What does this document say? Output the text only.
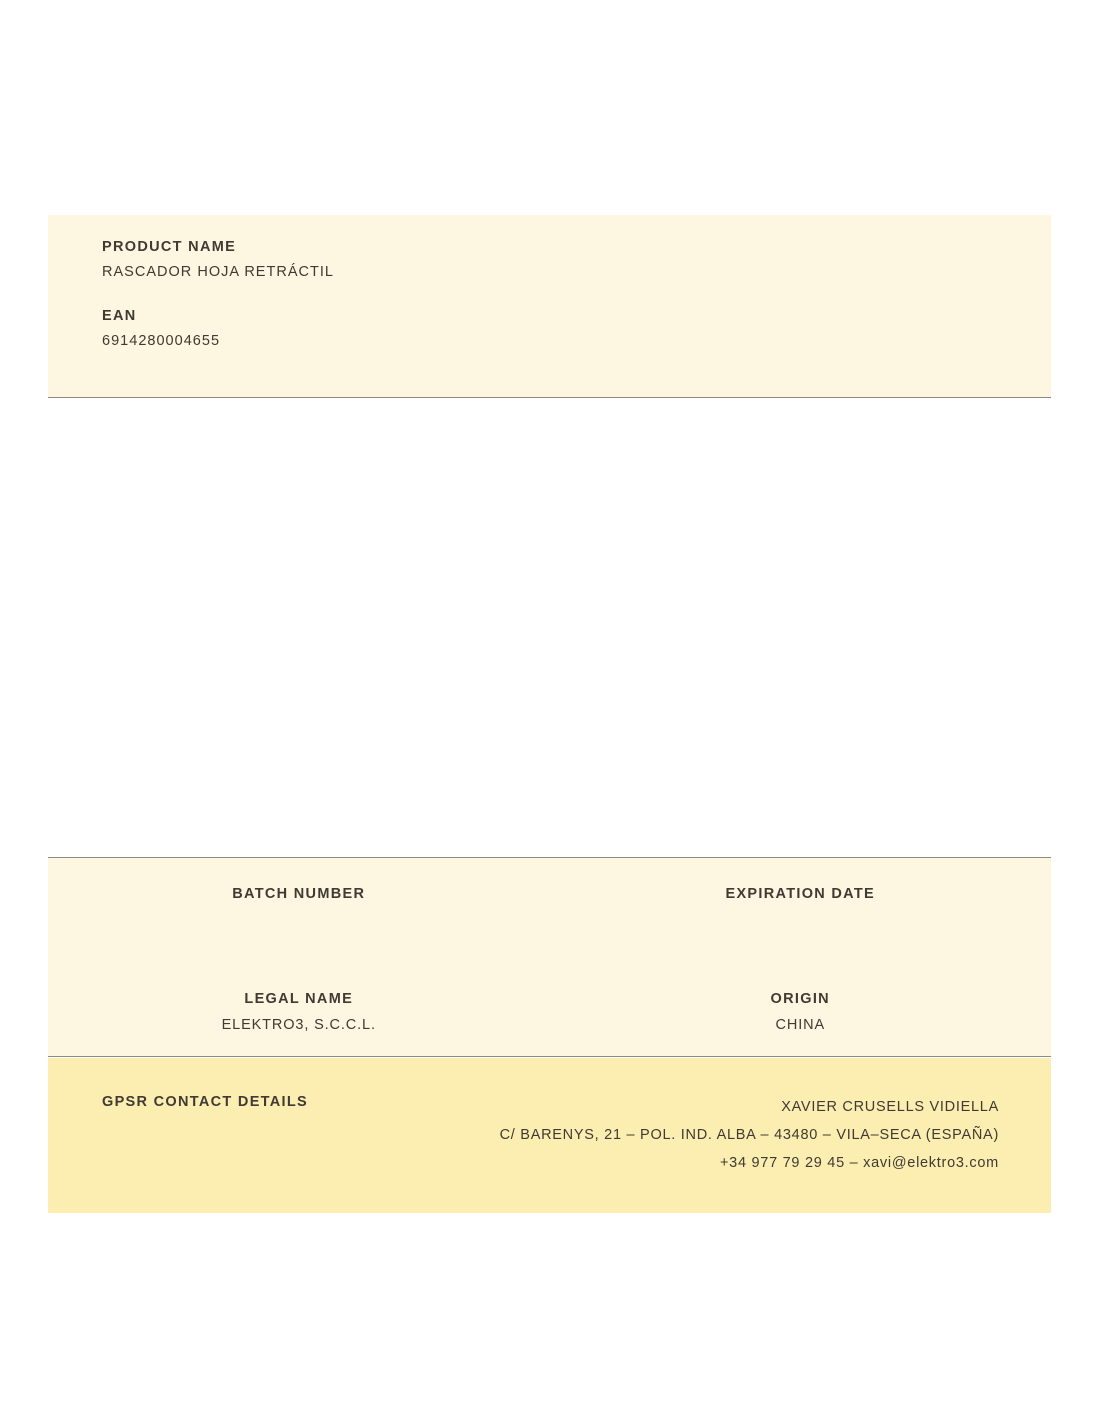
PRODUCT NAME
RASCADOR HOJA RETRÁCTIL
EAN
6914280004655
BATCH NUMBER	EXPIRATION DATE
LEGAL NAME
ELEKTRO3, S.C.C.L.
ORIGIN
CHINA
GPSR CONTACT DETAILS	XAVIER CRUSELLS VIDIELLA
C/ BARENYS, 21 – POL. IND. ALBA – 43480 – VILA–SECA (ESPAÑA)
+34 977 79 29 45 – xavi@elektro3.com
